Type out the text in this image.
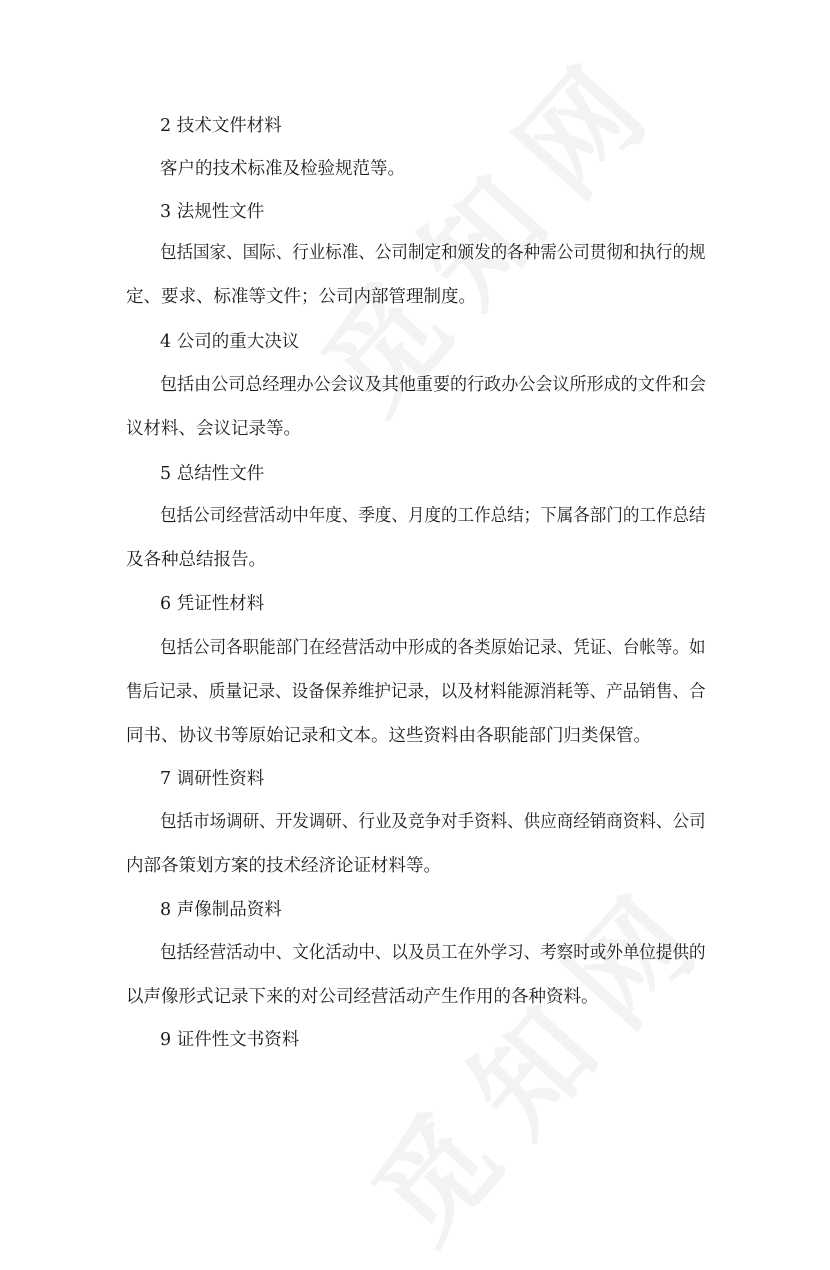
2 技术文件材料
客户的技术标准及检验规范等。
3 法规性文件
包括国家、国际、行业标准、公司制定和颁发的各种需公司贯彻和执行的规
定、要求、标准等文件；公司内部管理制度。
4 公司的重大决议
包括由公司总经理办公会议及其他重要的行政办公会议所形成的文件和会
议材料、会议记录等。
5 总结性文件
包括公司经营活动中年度、季度、月度的工作总结；下属各部门的工作总结
及各种总结报告。
6 凭证性材料
包括公司各职能部门在经营活动中形成的各类原始记录、凭证、台帐等。如
售后记录、质量记录、设备保养维护记录，以及材料能源消耗等、产品销售、合
同书、协议书等原始记录和文本。这些资料由各职能部门归类保管。
7 调研性资料
包括市场调研、开发调研、行业及竞争对手资料、供应商经销商资料、公司
内部各策划方案的技术经济论证材料等。
8 声像制品资料
包括经营活动中、文化活动中、以及员工在外学习、考察时或外单位提供的
以声像形式记录下来的对公司经营活动产生作用的各种资料。
9 证件性文书资料
